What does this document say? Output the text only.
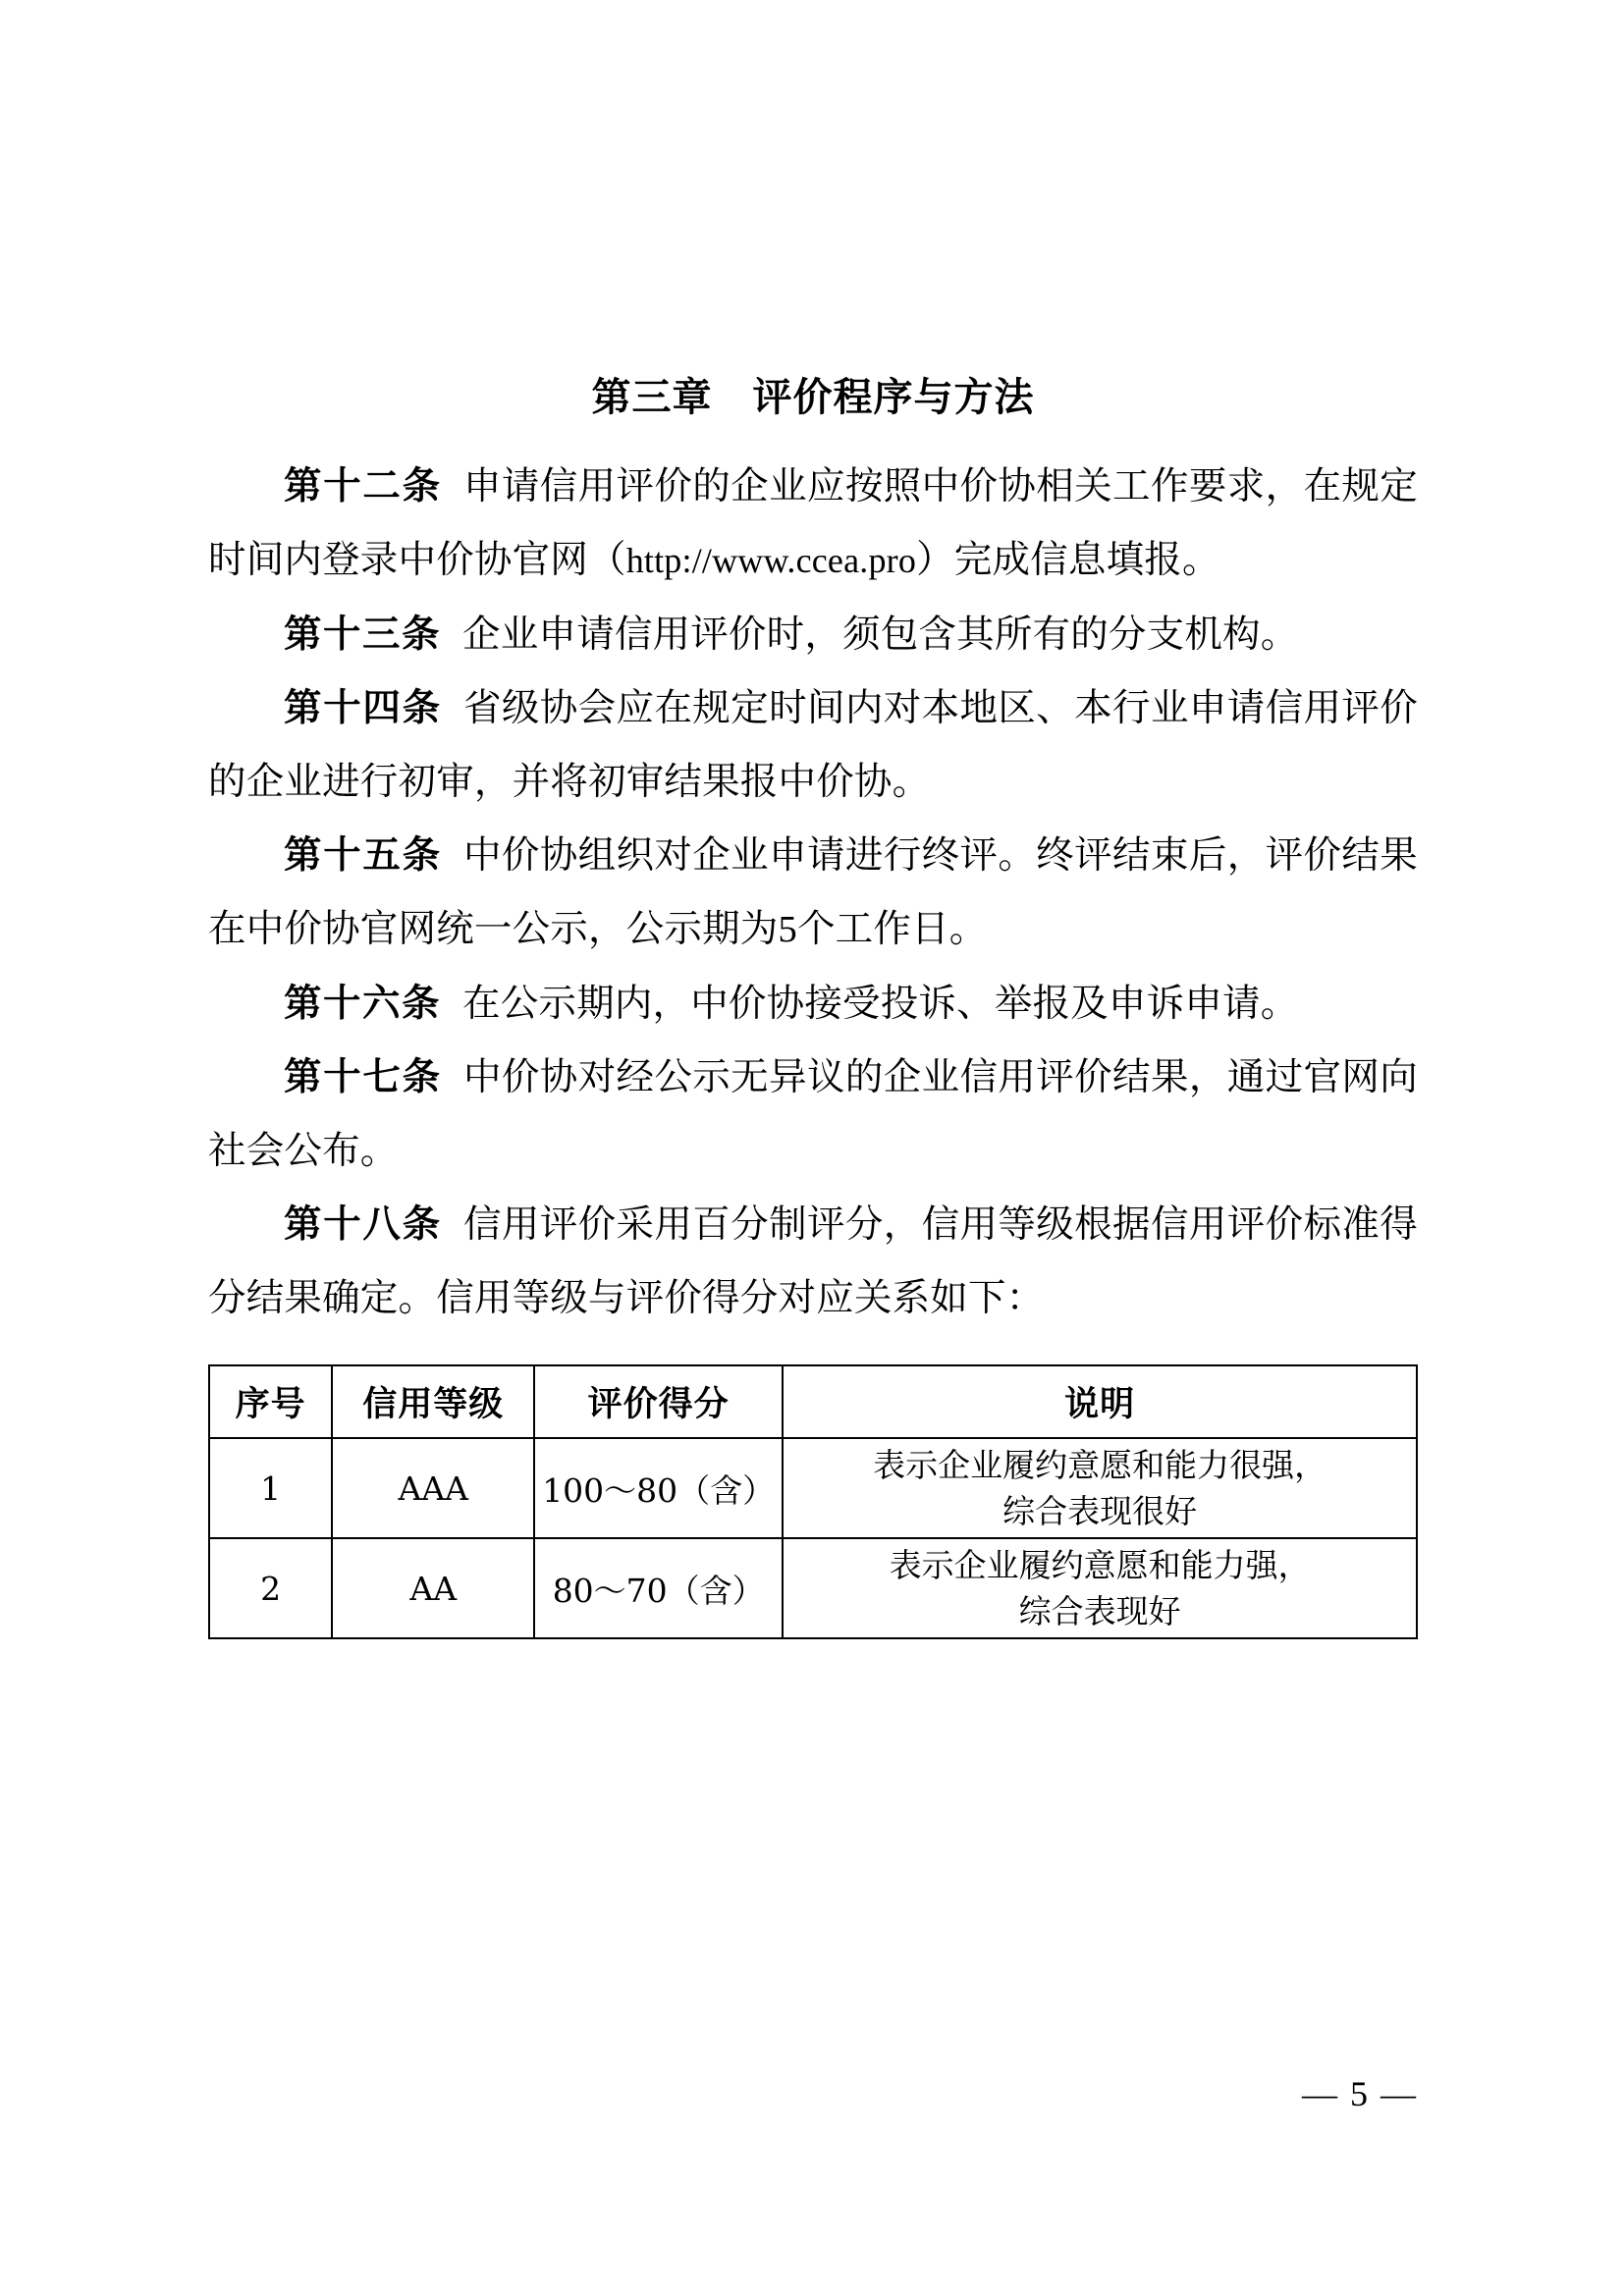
第三章　评价程序与方法

第十二条 申请信用评价的企业应按照中价协相关工作要求，在规定时间内登录中价协官网（http://www.ccea.pro）完成信息填报。

第十三条 企业申请信用评价时，须包含其所有的分支机构。

第十四条 省级协会应在规定时间内对本地区、本行业申请信用评价的企业进行初审，并将初审结果报中价协。

第十五条 中价协组织对企业申请进行终评。终评结束后，评价结果在中价协官网统一公示，公示期为5个工作日。

第十六条 在公示期内，中价协接受投诉、举报及申诉申请。

第十七条 中价协对经公示无异议的企业信用评价结果，通过官网向社会公布。

第十八条 信用评价采用百分制评分，信用等级根据信用评价标准得分结果确定。信用等级与评价得分对应关系如下：

序号	信用等级	评价得分	说明
1	AAA	100～80（含）	表示企业履约意愿和能力很强，
综合表现很好

2	AA	80～70（含）	表示企业履约意愿和能力强，
综合表现好
— 5 —
